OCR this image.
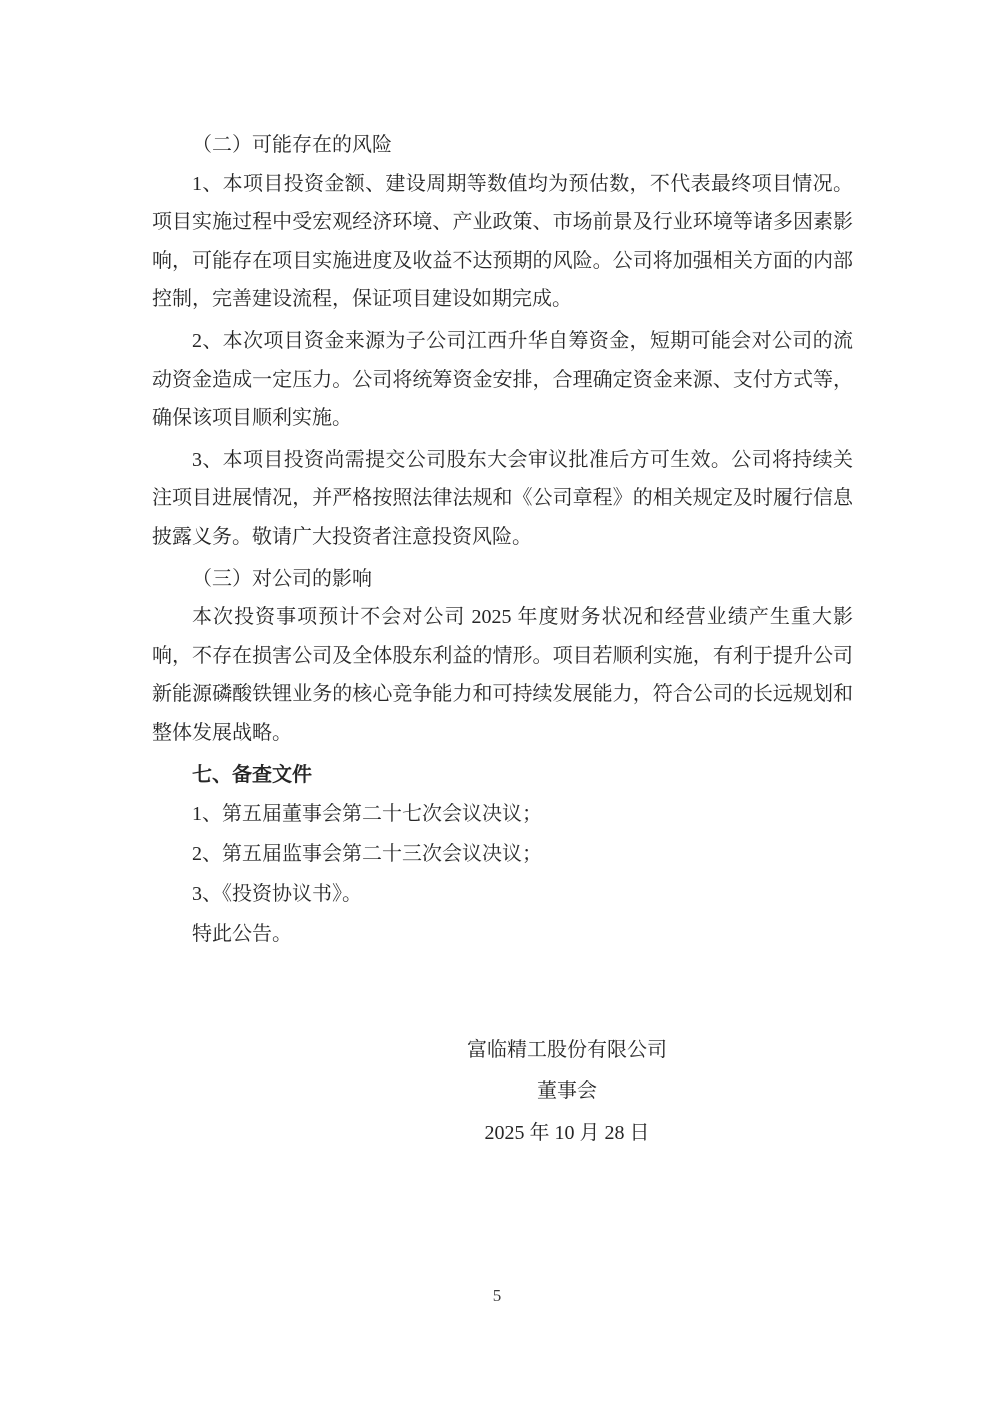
（二）可能存在的风险

1、本项目投资金额、建设周期等数值均为预估数，不代表最终项目情况。项目实施过程中受宏观经济环境、产业政策、市场前景及行业环境等诸多因素影响，可能存在项目实施进度及收益不达预期的风险。公司将加强相关方面的内部控制，完善建设流程，保证项目建设如期完成。

2、本次项目资金来源为子公司江西升华自筹资金，短期可能会对公司的流动资金造成一定压力。公司将统筹资金安排，合理确定资金来源、支付方式等，确保该项目顺利实施。

3、本项目投资尚需提交公司股东大会审议批准后方可生效。公司将持续关注项目进展情况，并严格按照法律法规和《公司章程》的相关规定及时履行信息披露义务。敬请广大投资者注意投资风险。

（三）对公司的影响

本次投资事项预计不会对公司 2025 年度财务状况和经营业绩产生重大影响，不存在损害公司及全体股东利益的情形。项目若顺利实施，有利于提升公司新能源磷酸铁锂业务的核心竞争能力和可持续发展能力，符合公司的长远规划和整体发展战略。

七、备查文件

1、第五届董事会第二十七次会议决议；

2、第五届监事会第二十三次会议决议；

3、《投资协议书》。

特此公告。

富临精工股份有限公司

董事会

2025 年 10 月 28 日

5
